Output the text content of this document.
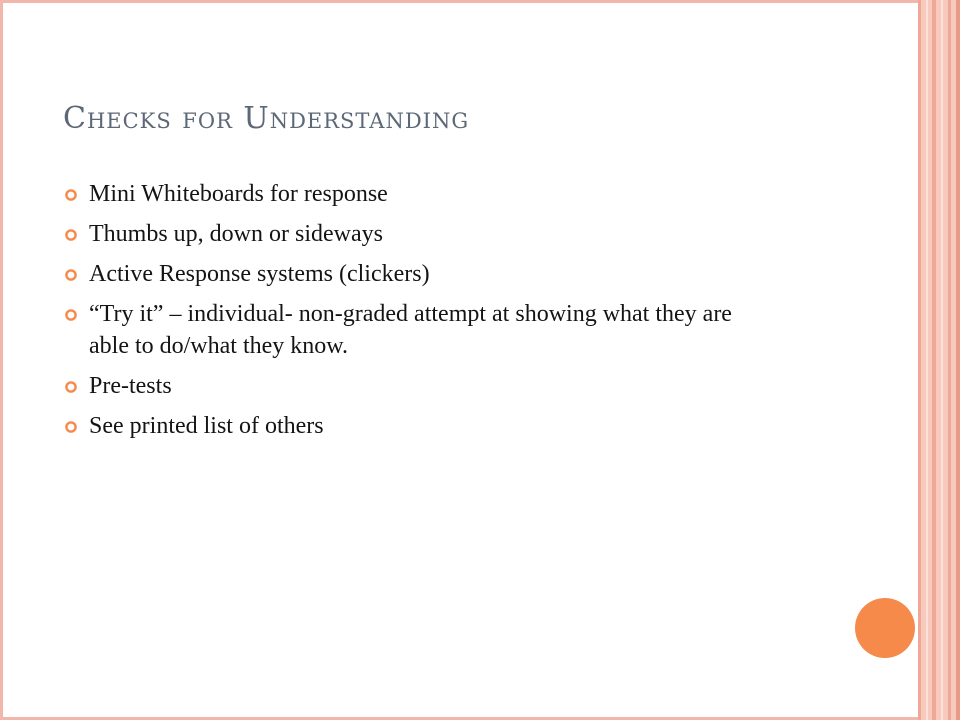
Checks for Understanding
Mini Whiteboards for response
Thumbs up, down or sideways
Active Response systems (clickers)
“Try it” – individual- non-graded attempt at showing what they are able to do/what they know.
Pre-tests
See printed list of others
